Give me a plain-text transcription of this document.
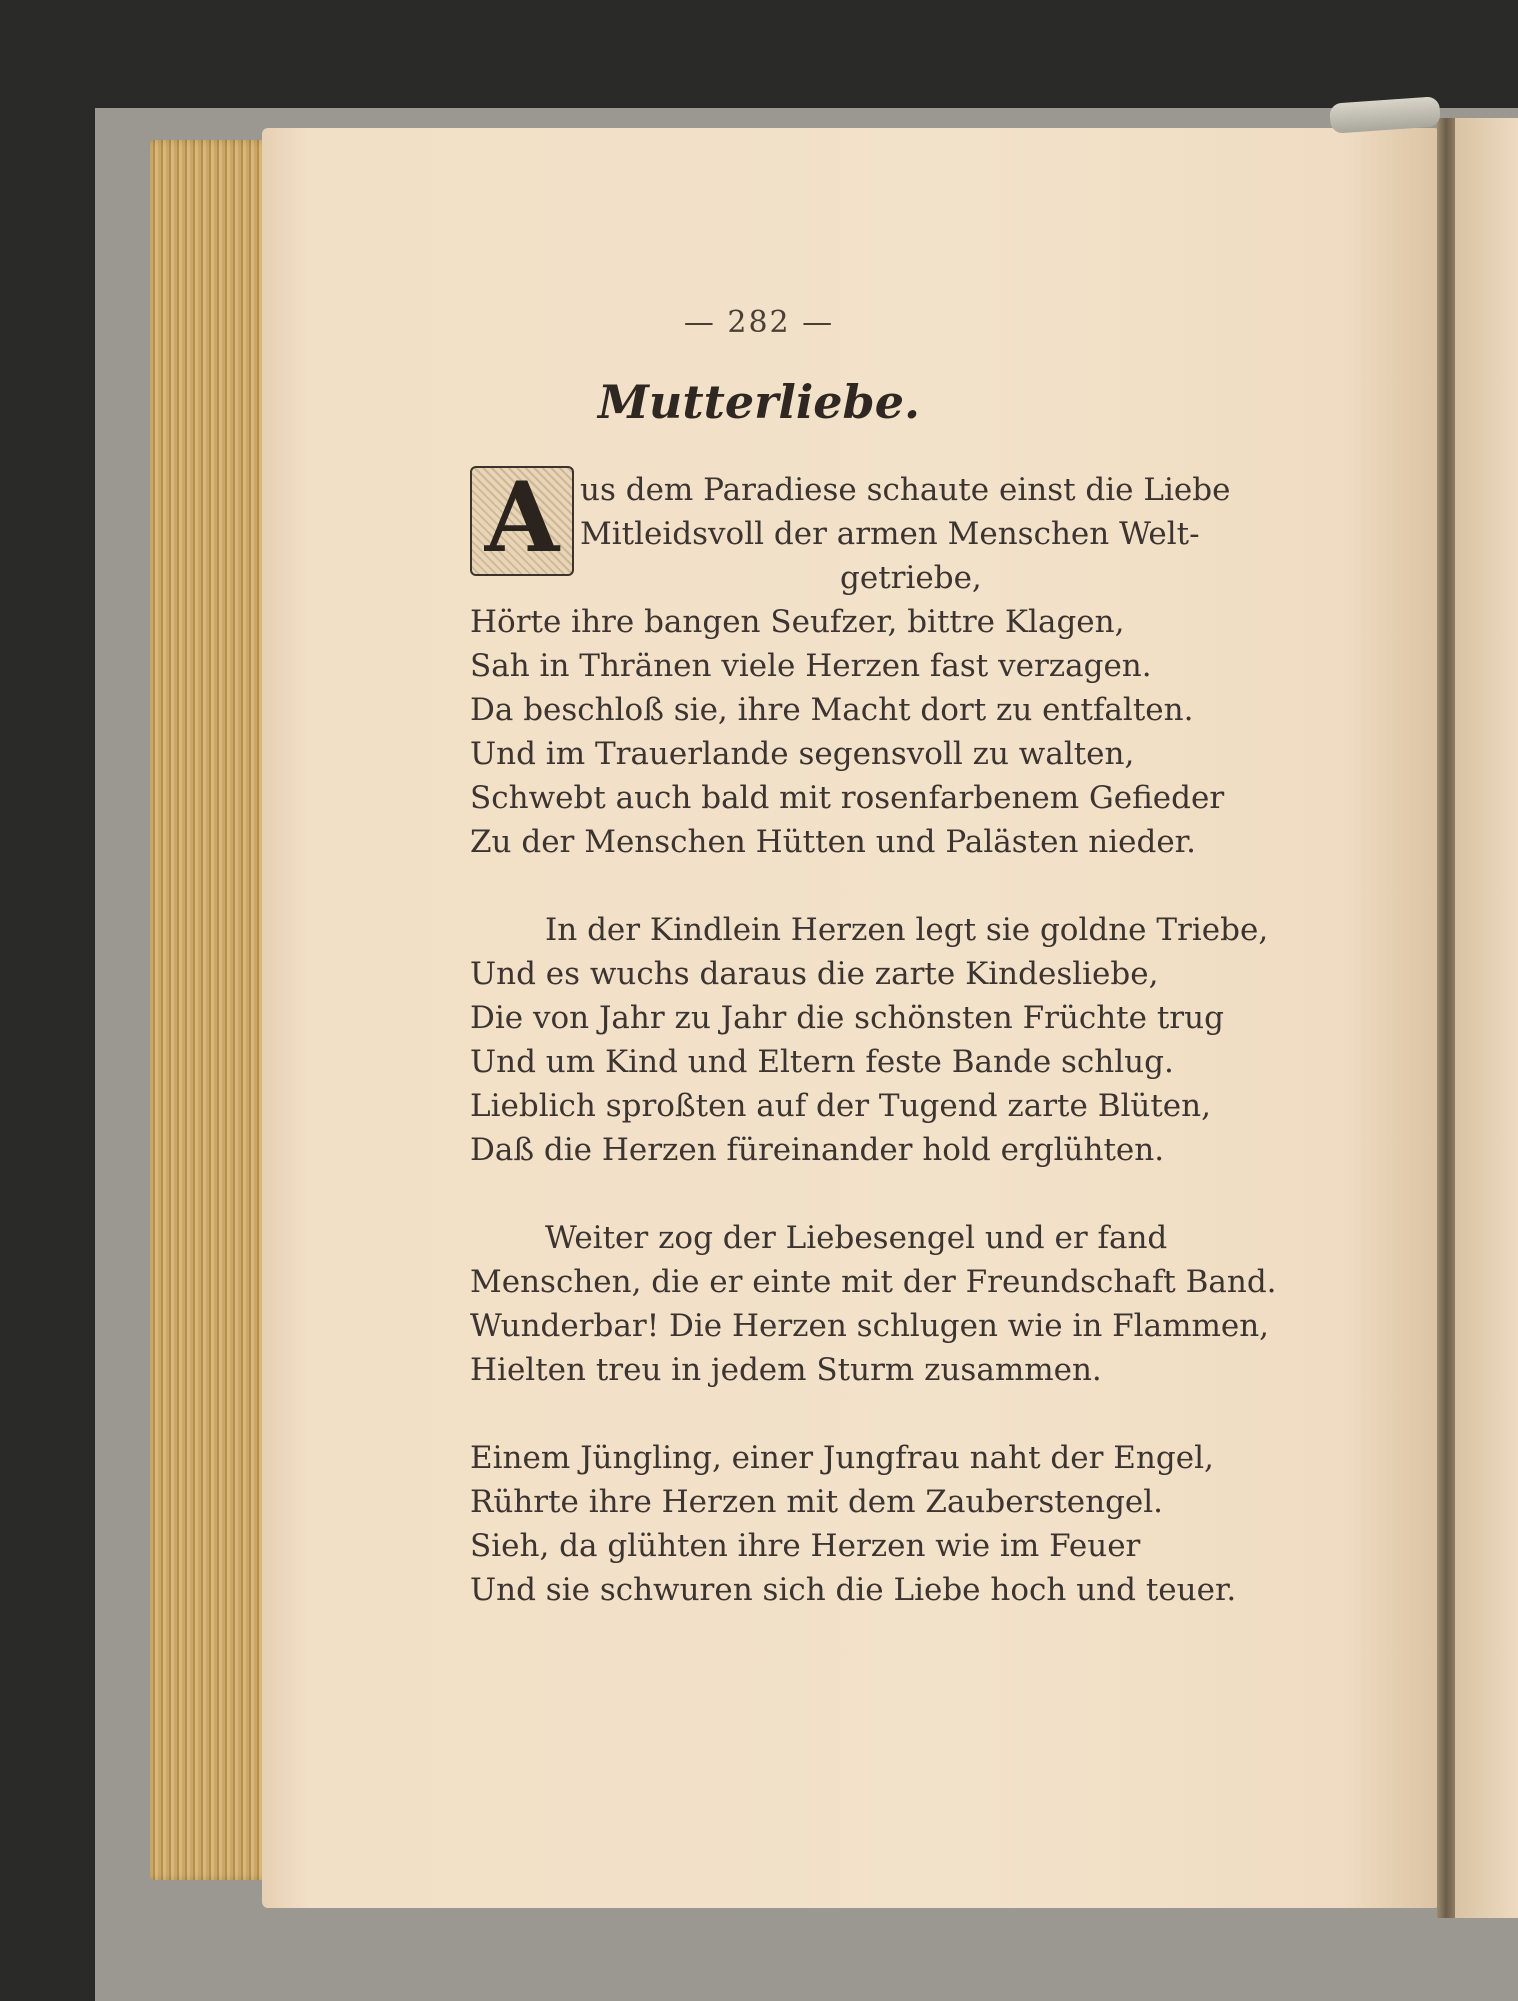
— 282 —
Mutterliebe.
A us dem Paradiese schaute einst die Liebe
Mitleidsvoll der armen Menschen Welt-
getriebe,
Hörte ihre bangen Seufzer, bittre Klagen,
Sah in Thränen viele Herzen fast verzagen.
Da beschloß sie, ihre Macht dort zu entfalten.
Und im Trauerlande segensvoll zu walten,
Schwebt auch bald mit rosenfarbenem Gefieder
Zu der Menschen Hütten und Palästen nieder.
In der Kindlein Herzen legt sie goldne Triebe,
Und es wuchs daraus die zarte Kindesliebe,
Die von Jahr zu Jahr die schönsten Früchte trug
Und um Kind und Eltern feste Bande schlug.
Lieblich sproßten auf der Tugend zarte Blüten,
Daß die Herzen füreinander hold erglühten.
Weiter zog der Liebesengel und er fand
Menschen, die er einte mit der Freundschaft Band.
Wunderbar! Die Herzen schlugen wie in Flammen,
Hielten treu in jedem Sturm zusammen.
Einem Jüngling, einer Jungfrau naht der Engel,
Rührte ihre Herzen mit dem Zauberstengel.
Sieh, da glühten ihre Herzen wie im Feuer
Und sie schwuren sich die Liebe hoch und teuer.
